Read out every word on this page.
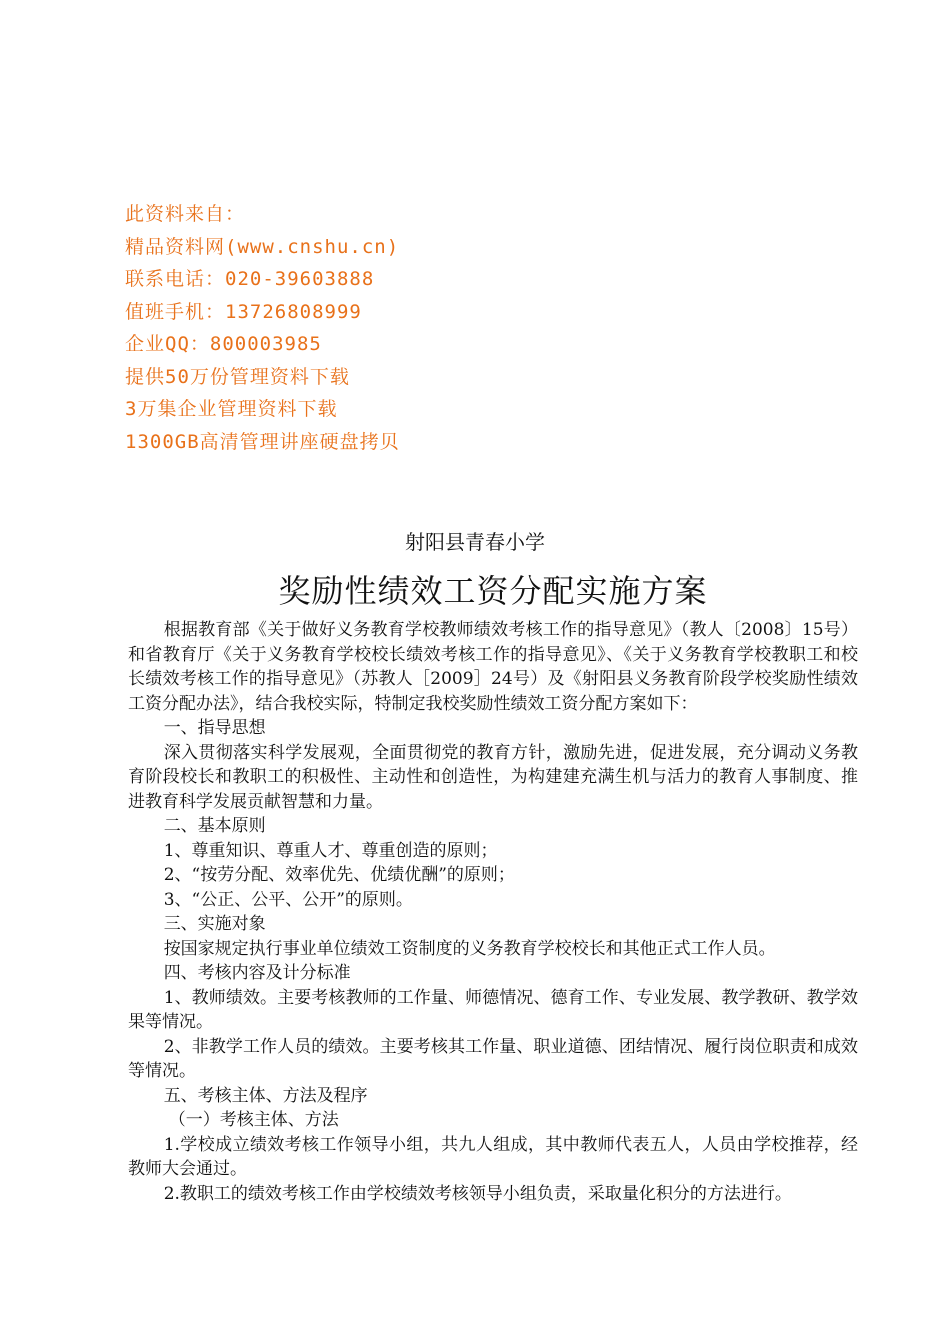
此资料来自：
精品资料网(www.cnshu.cn)
联系电话：020-39603888
值班手机：13726808999
企业QQ：800003985
提供50万份管理资料下载
3万集企业管理资料下载
1300GB高清管理讲座硬盘拷贝
射阳县青春小学
奖励性绩效工资分配实施方案

根据教育部《关于做好义务教育学校教师绩效考核工作的指导意见》（教人〔2008〕15号）和省教育厅《关于义务教育学校校长绩效考核工作的指导意见》、《关于义务教育学校教职工和校长绩效考核工作的指导意见》（苏教人［2009］24号）及《射阳县义务教育阶段学校奖励性绩效工资分配办法》，结合我校实际，特制定我校奖励性绩效工资分配方案如下：

一、指导思想

深入贯彻落实科学发展观，全面贯彻党的教育方针，激励先进，促进发展，充分调动义务教育阶段校长和教职工的积极性、主动性和创造性，为构建建充满生机与活力的教育人事制度、推进教育科学发展贡献智慧和力量。

二、基本原则

1、尊重知识、尊重人才、尊重创造的原则；

2、“按劳分配、效率优先、优绩优酬”的原则；

3、“公正、公平、公开”的原则。

三、实施对象

按国家规定执行事业单位绩效工资制度的义务教育学校校长和其他正式工作人员。

四、考核内容及计分标准

1、教师绩效。主要考核教师的工作量、师德情况、德育工作、专业发展、教学教研、教学效果等情况。

2、非教学工作人员的绩效。主要考核其工作量、职业道德、团结情况、履行岗位职责和成效等情况。

五、考核主体、方法及程序

（一）考核主体、方法

1.学校成立绩效考核工作领导小组，共九人组成，其中教师代表五人，人员由学校推荐，经教师大会通过。

2.教职工的绩效考核工作由学校绩效考核领导小组负责，采取量化积分的方法进行。
